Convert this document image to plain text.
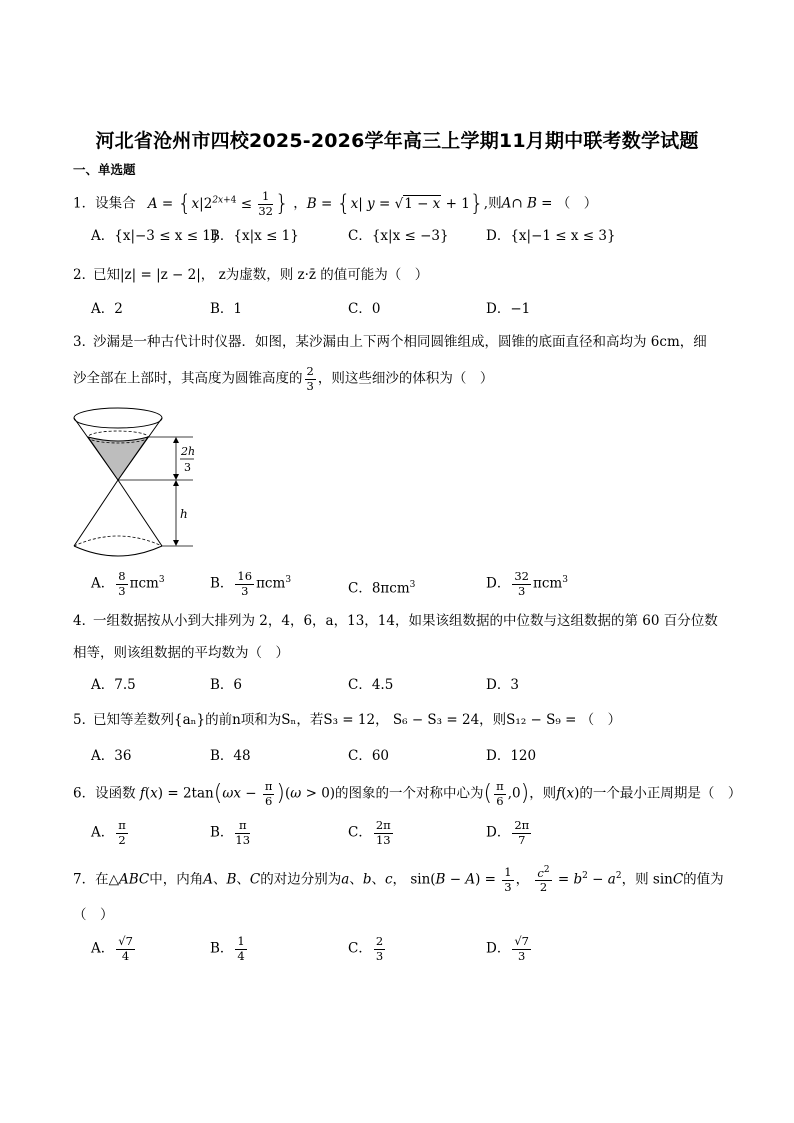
河北省沧州市四校2025-2026学年高三上学期11月期中联考数学试题
一、单选题
1．设集合 $A = \{x|2^{2x+4} \le \frac{1}{32}$ } ，B = {x| y = √1 − x + 1},则A∩ B = （　）
A．{x|−3 ≤ x ≤ 1}
B．{x|x ≤ 1}	C．{x|x ≤ −3}	D．{x|−1 ≤ x ≤ 3}
已知|z| = |z − 2|， z为虚数，则 z·z̄ 的值可能为（　）
2．
A．2	B．1	C．0	D．−1
3．
沙漏是一种古代计时仪器．如图，某沙漏由上下两个相同圆锥组成，圆锥的底面直径和高均为 6cm，细
沙全部在上部时，其高度为圆锥高度的 $\frac{2}{3}$ ，则这些细沙的体积为（　）
2h
3
h
A． $\frac{8}{3} \pi cm^3$	B． $\frac{16}{3} \pi cm^3$
C．8πcm$^3$	D． $\frac{32}{3} \pi cm^3$
4．
一组数据按从小到大排列为 2，4，6，a，13，14，如果该组数据的中位数与这组数据的第 60 百分位数
相等，则该组数据的平均数为（　）
A．7.5	B．6	C．4.5	D．3
5．
已知等差数列{aₙ}的前n项和为Sₙ，若S₃ = 12， S₆ − S₃ = 24，则S₁₂ − S₉ = （　）
A．36	B．48	C．60	D．120
6．设函数 $f(x) = 2\tan(\omega x - \frac{\pi}{6} )(\omega > 0)$的图象的一个对称中心为( $\frac{\pi}{6} ,0$)，则f(x)的一个最小正周期是（　）
A． $\frac{\pi}{2}$	B． $\frac{\pi}{13}$	C． $\frac{2\pi}{13}$	D． $\frac{2\pi}{7}$
7．在△ABC中，内角A、B、C的对边分别为a、b、c， $\sin(B - A) = \frac{1}{3}$ ， $\frac{c^2}{2} = b^2 - a^2$，则 sinC的值为
（　）
A． $\frac{√7}{4}$	B． $\frac{1}{4}$	C． $\frac{2}{3}$	D． $\frac{√7}{3}$
